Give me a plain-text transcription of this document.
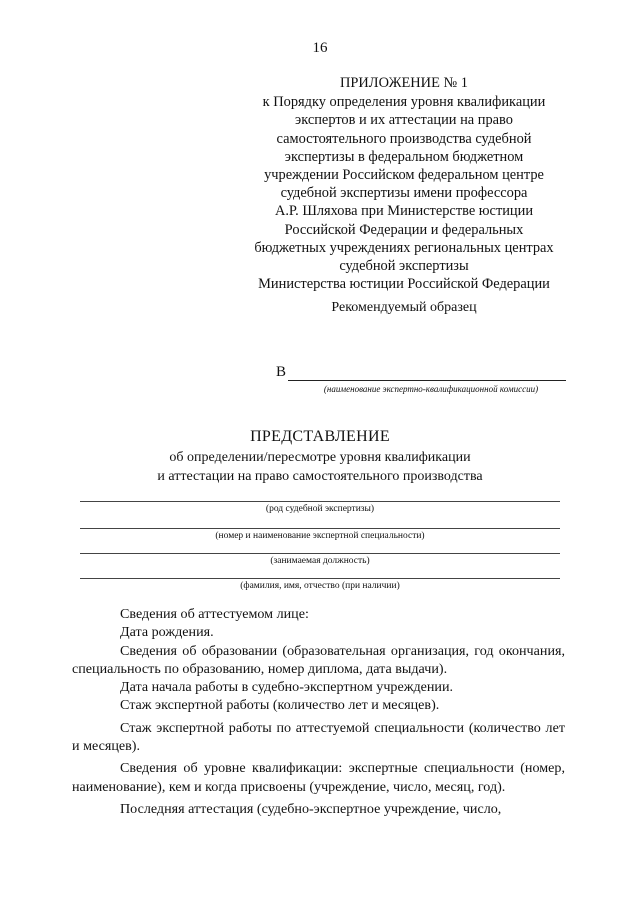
16
ПРИЛОЖЕНИЕ № 1
к Порядку определения уровня квалификации
экспертов и их аттестации на право
самостоятельного производства судебной
экспертизы в федеральном бюджетном
учреждении Российском федеральном центре
судебной экспертизы имени профессора
А.Р. Шляхова при Министерстве юстиции
Российской Федерации и федеральных
бюджетных учреждениях региональных центрах
судебной экспертизы
Министерства юстиции Российской Федерации
Рекомендуемый образец
В
(наименование экспертно-квалификационной комиссии)
ПРЕДСТАВЛЕНИЕ
об определении/пересмотре уровня квалификации
и аттестации на право самостоятельного производства
(род судебной экспертизы)
(номер и наименование экспертной специальности)
(занимаемая должность)
(фамилия, имя, отчество (при наличии)

Сведения об аттестуемом лице:

Дата рождения.

Сведения об образовании (образовательная организация, год окончания, специальность по образованию, номер диплома, дата выдачи).

Дата начала работы в судебно-экспертном учреждении.

Стаж экспертной работы (количество лет и месяцев).

Стаж экспертной работы по аттестуемой специальности (количество лет и месяцев).

Сведения об уровне квалификации: экспертные специальности (номер, наименование), кем и когда присвоены (учреждение, число, месяц, год).

Последняя аттестация (судебно-экспертное учреждение, число,
